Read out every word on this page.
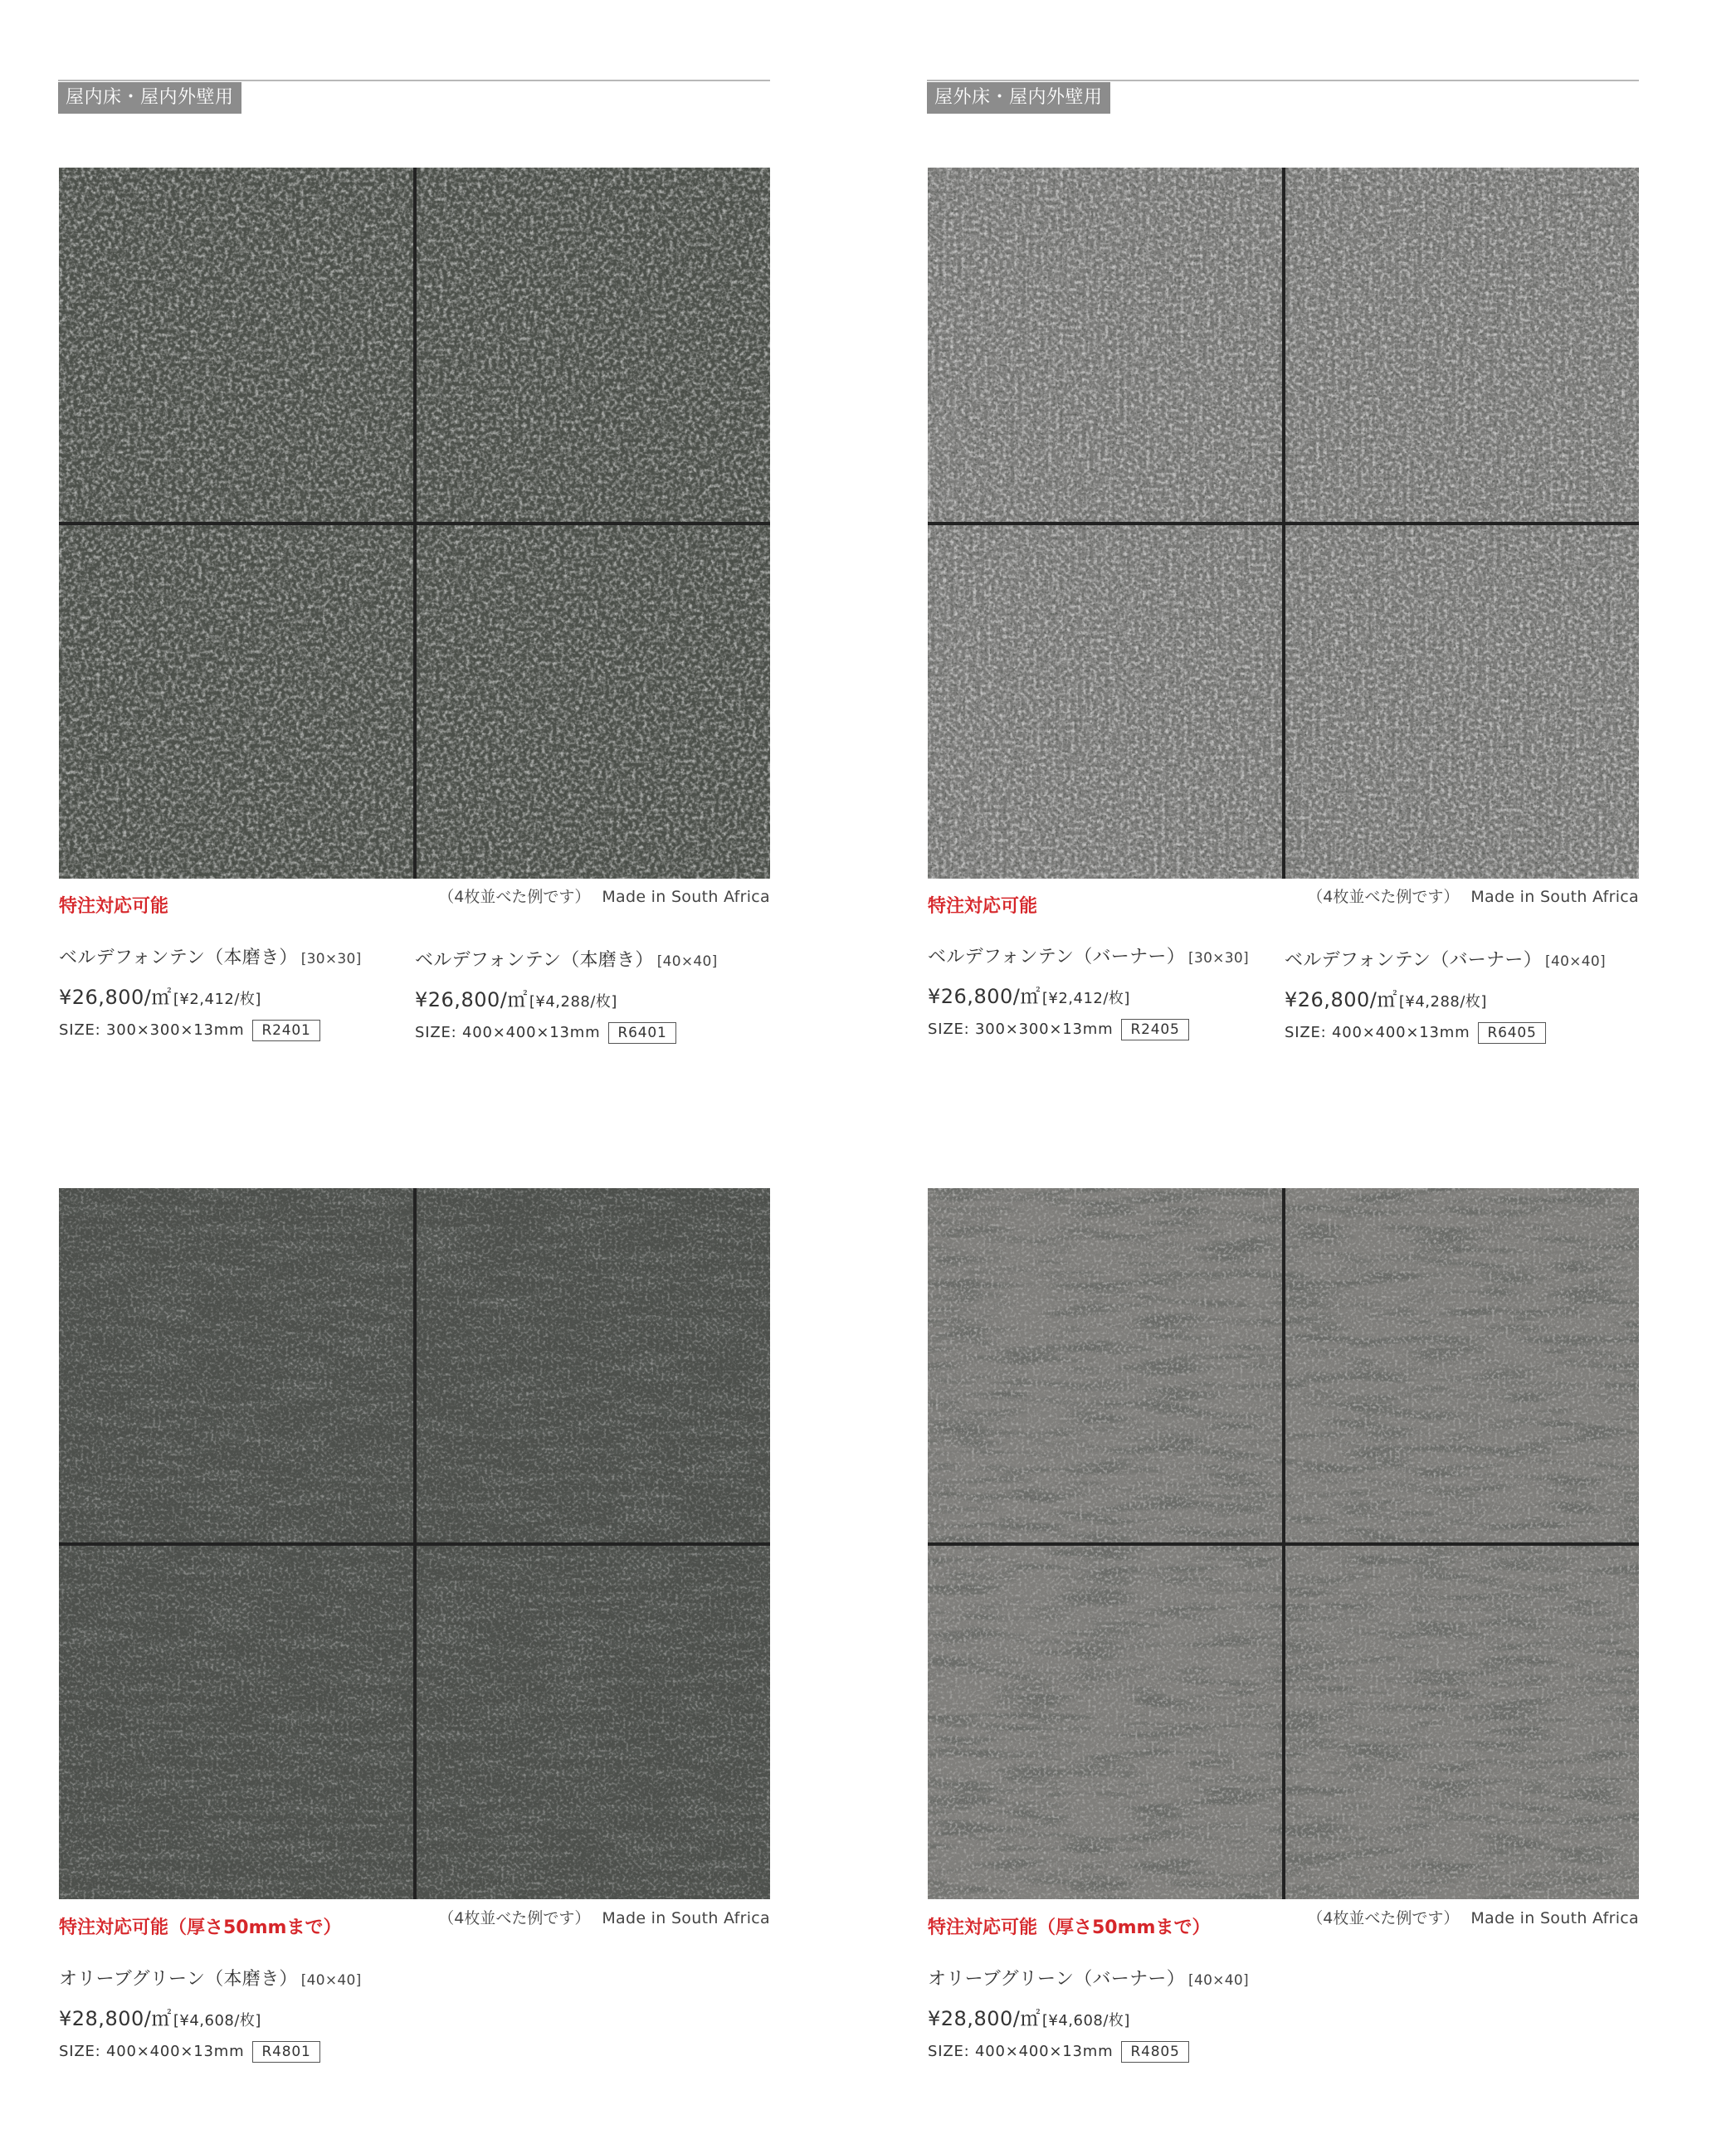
屋内床・屋内外壁用
特注対応可能	（4枚並べた例です） Made in South Africa
ベルデフォンテン（本磨き） [30×30]
¥26,800/㎡ [¥2,412/枚]
SIZE: 300×300×13mm R2401
ベルデフォンテン（本磨き） [40×40]
¥26,800/㎡ [¥4,288/枚]
SIZE: 400×400×13mm R6401
屋外床・屋内外壁用
特注対応可能	（4枚並べた例です） Made in South Africa
ベルデフォンテン（バーナー） [30×30]
¥26,800/㎡ [¥2,412/枚]
SIZE: 300×300×13mm R2405
ベルデフォンテン（バーナー） [40×40]
¥26,800/㎡ [¥4,288/枚]
SIZE: 400×400×13mm R6405
特注対応可能（厚さ50mmまで）	（4枚並べた例です） Made in South Africa
オリーブグリーン（本磨き） [40×40]
¥28,800/㎡ [¥4,608/枚]
SIZE: 400×400×13mm R4801
特注対応可能（厚さ50mmまで）	（4枚並べた例です） Made in South Africa
オリーブグリーン（バーナー） [40×40]
¥28,800/㎡ [¥4,608/枚]
SIZE: 400×400×13mm R4805
